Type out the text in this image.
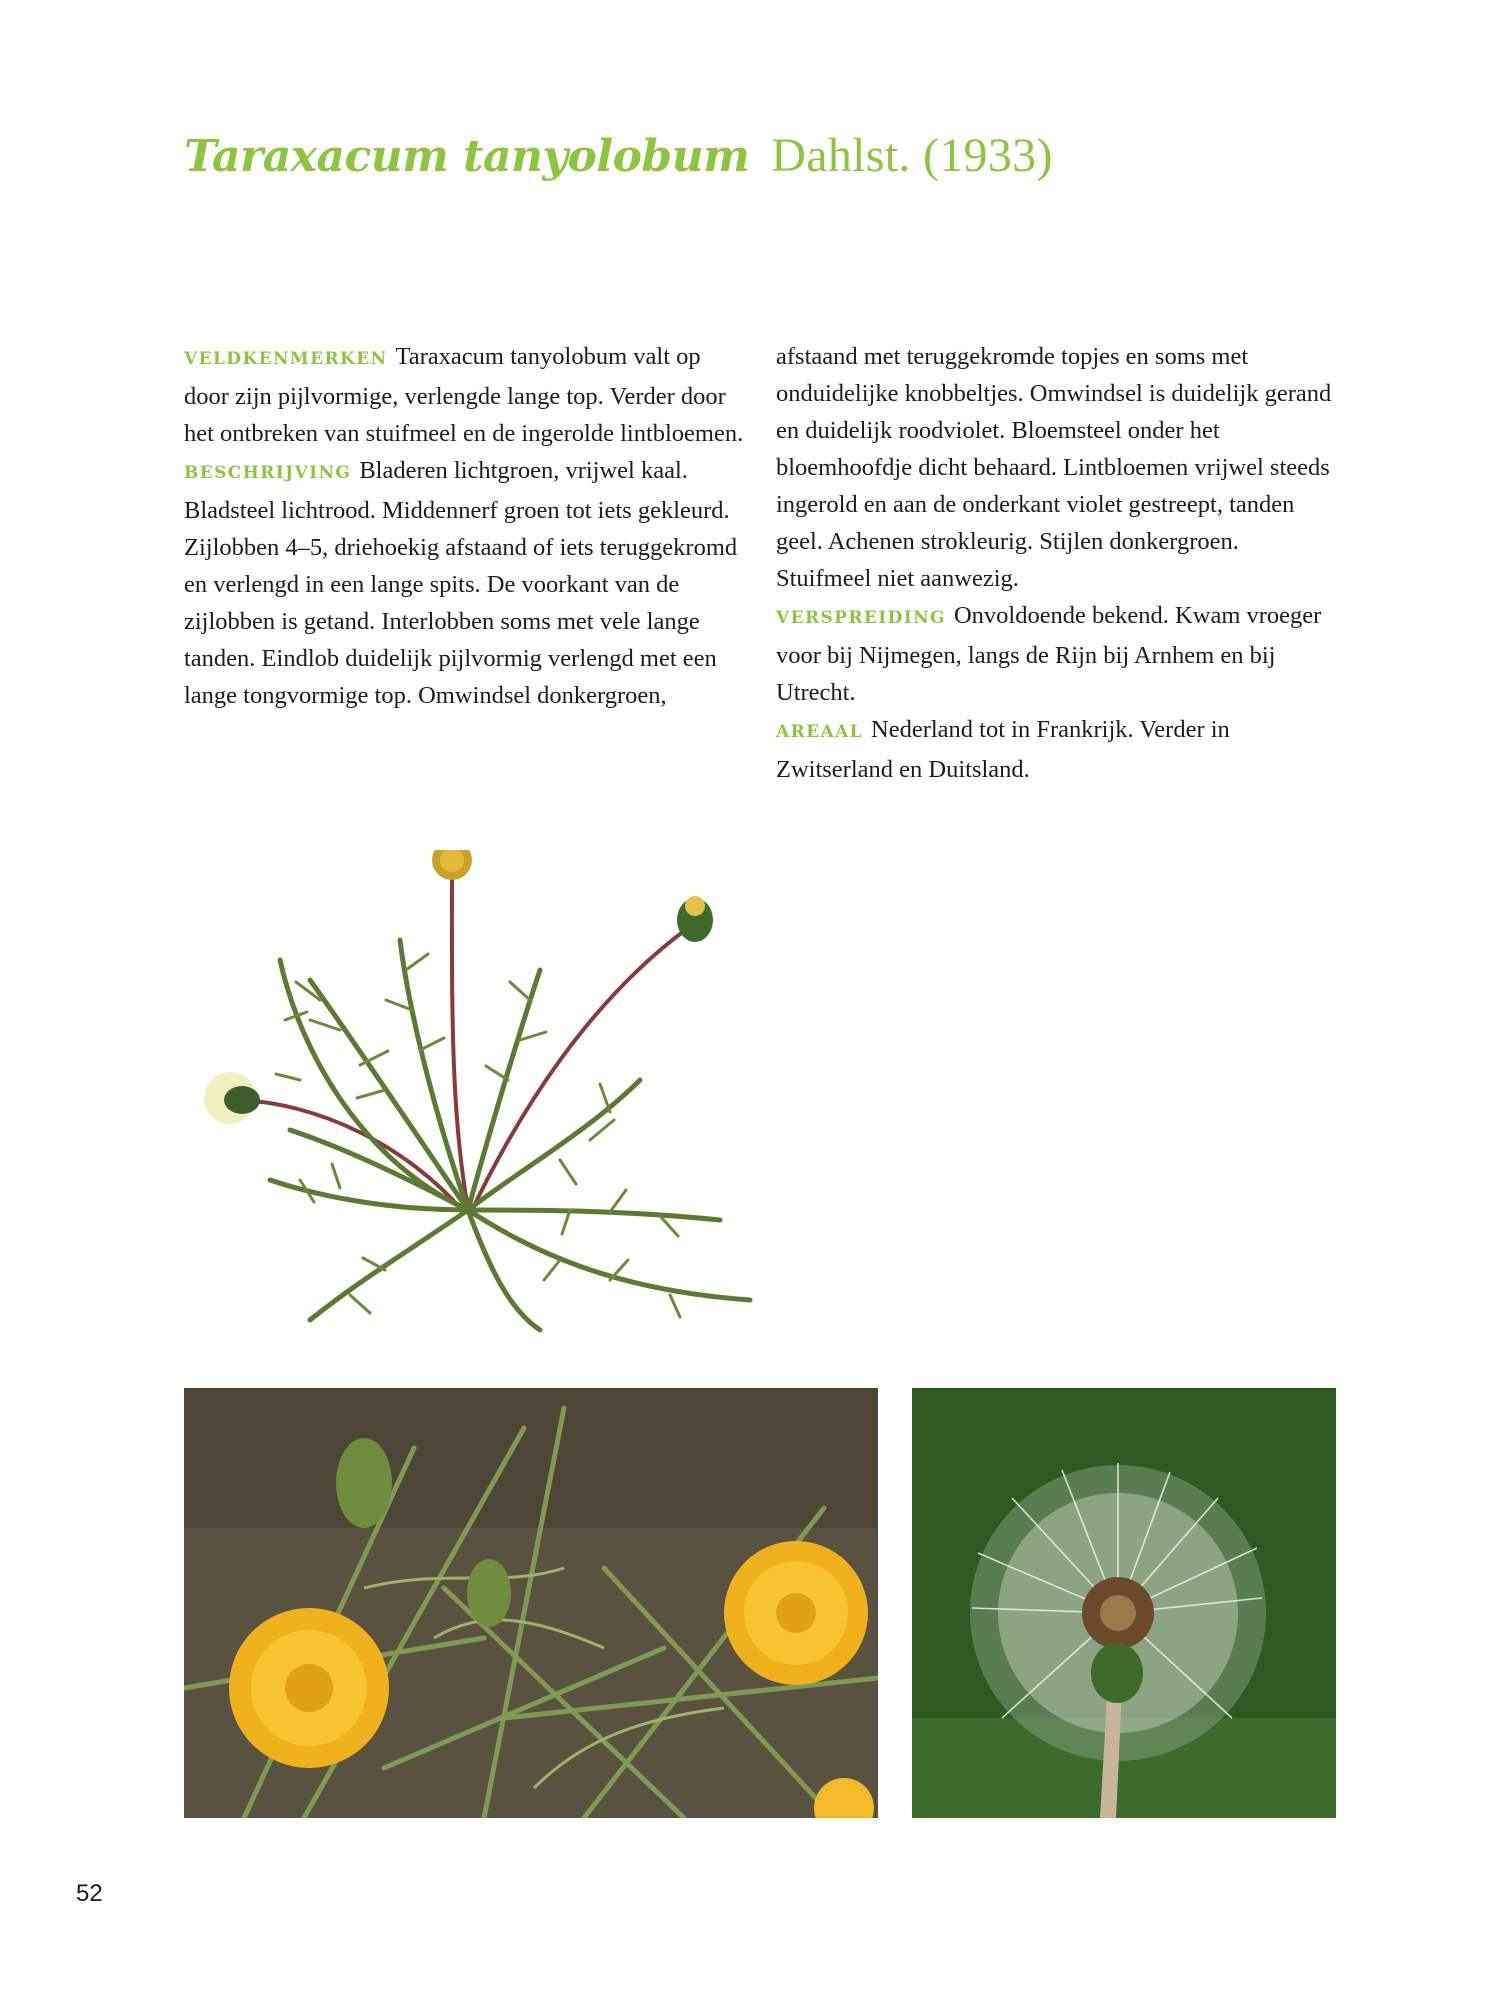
Taraxacum tanyolobum Dahlst. (1933)

VELDKENMERKEN Taraxacum tanyolobum valt op door zijn pijlvormige, verlengde lange top. Verder door het ontbreken van stuifmeel en de ingerolde lintbloemen.

BESCHRIJVING Bladeren lichtgroen, vrijwel kaal. Bladsteel lichtrood. Middennerf groen tot iets gekleurd. Zijlobben 4–5, driehoekig afstaand of iets teruggekromd en verlengd in een lange spits. De voorkant van de zijlobben is getand. Interlobben soms met vele lange tanden. Eindlob duidelijk pijlvormig verlengd met een lange tongvormige top. Omwindsel donkergroen,

afstaand met teruggekromde topjes en soms met onduidelijke knobbeltjes. Omwindsel is duidelijk gerand en duidelijk roodviolet. Bloemsteel onder het bloemhoofdje dicht behaard. Lintbloemen vrijwel steeds ingerold en aan de onderkant violet gestreept, tanden geel. Achenen strokleurig. Stijlen donkergroen. Stuifmeel niet aanwezig.

VERSPREIDING Onvoldoende bekend. Kwam vroeger voor bij Nijmegen, langs de Rijn bij Arnhem en bij Utrecht.

AREAAL Nederland tot in Frankrijk. Verder in Zwitserland en Duitsland.

52
